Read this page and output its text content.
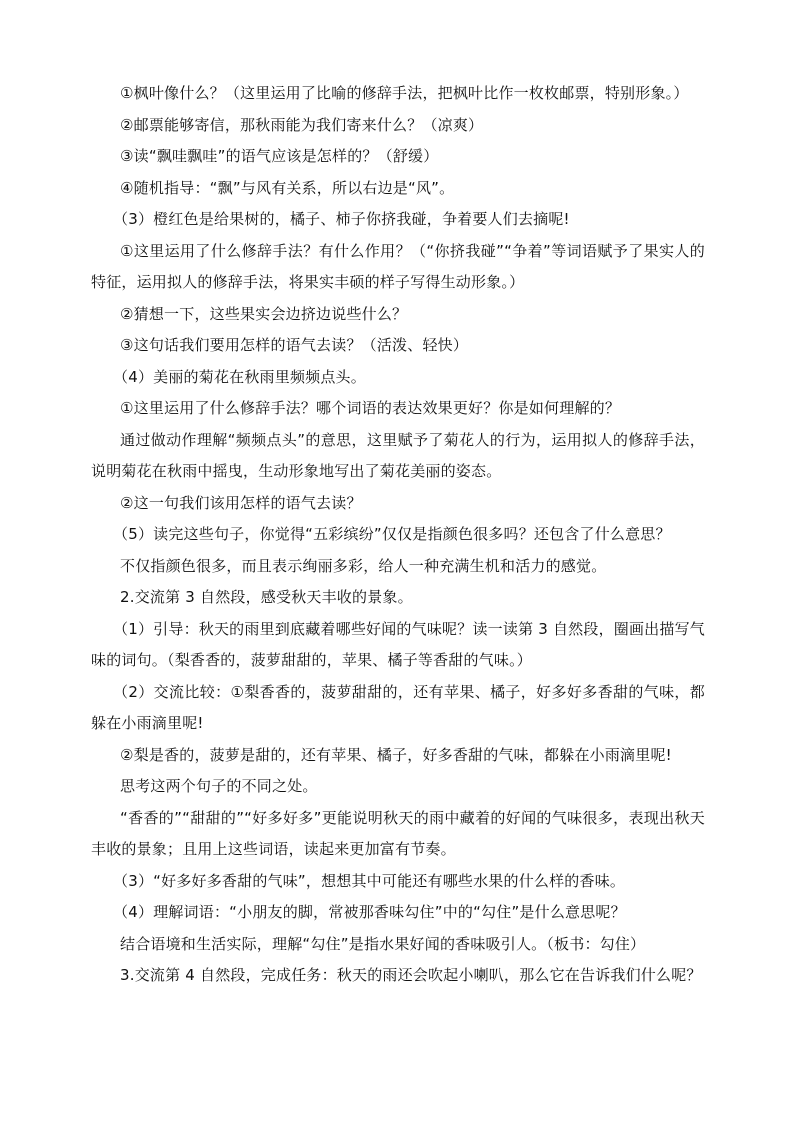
①枫叶像什么？（这里运用了比喻的修辞手法，把枫叶比作一枚枚邮票，特别形象。）

②邮票能够寄信，那秋雨能为我们寄来什么？（凉爽）

③读“飘哇飘哇”的语气应该是怎样的？（舒缓）

④随机指导：“飘”与风有关系，所以右边是“风”。

（3）橙红色是给果树的，橘子、柿子你挤我碰，争着要人们去摘呢!

①这里运用了什么修辞手法？有什么作用？（“你挤我碰”“争着”等词语赋予了果实人的特征，运用拟人的修辞手法，将果实丰硕的样子写得生动形象。）

②猜想一下，这些果实会边挤边说些什么？

③这句话我们要用怎样的语气去读？（活泼、轻快）

（4）美丽的菊花在秋雨里频频点头。

①这里运用了什么修辞手法？哪个词语的表达效果更好？你是如何理解的？

通过做动作理解“频频点头”的意思，这里赋予了菊花人的行为，运用拟人的修辞手法，说明菊花在秋雨中摇曳，生动形象地写出了菊花美丽的姿态。

②这一句我们该用怎样的语气去读？

（5）读完这些句子，你觉得“五彩缤纷”仅仅是指颜色很多吗？还包含了什么意思？

不仅指颜色很多，而且表示绚丽多彩，给人一种充满生机和活力的感觉。

2.交流第 3 自然段，感受秋天丰收的景象。

（1）引导：秋天的雨里到底藏着哪些好闻的气味呢？读一读第 3 自然段，圈画出描写气味的词句。（梨香香的，菠萝甜甜的，苹果、橘子等香甜的气味。）

（2）交流比较：①梨香香的，菠萝甜甜的，还有苹果、橘子，好多好多香甜的气味，都躲在小雨滴里呢!

②梨是香的，菠萝是甜的，还有苹果、橘子，好多香甜的气味，都躲在小雨滴里呢!

思考这两个句子的不同之处。

“香香的”“甜甜的”“好多好多”更能说明秋天的雨中藏着的好闻的气味很多，表现出秋天丰收的景象；且用上这些词语，读起来更加富有节奏。

（3）“好多好多香甜的气味”，想想其中可能还有哪些水果的什么样的香味。

（4）理解词语：“小朋友的脚，常被那香味勾住”中的“勾住”是什么意思呢？

结合语境和生活实际，理解“勾住”是指水果好闻的香味吸引人。（板书：勾住）

3.交流第 4 自然段，完成任务：秋天的雨还会吹起小喇叭，那么它在告诉我们什么呢？
